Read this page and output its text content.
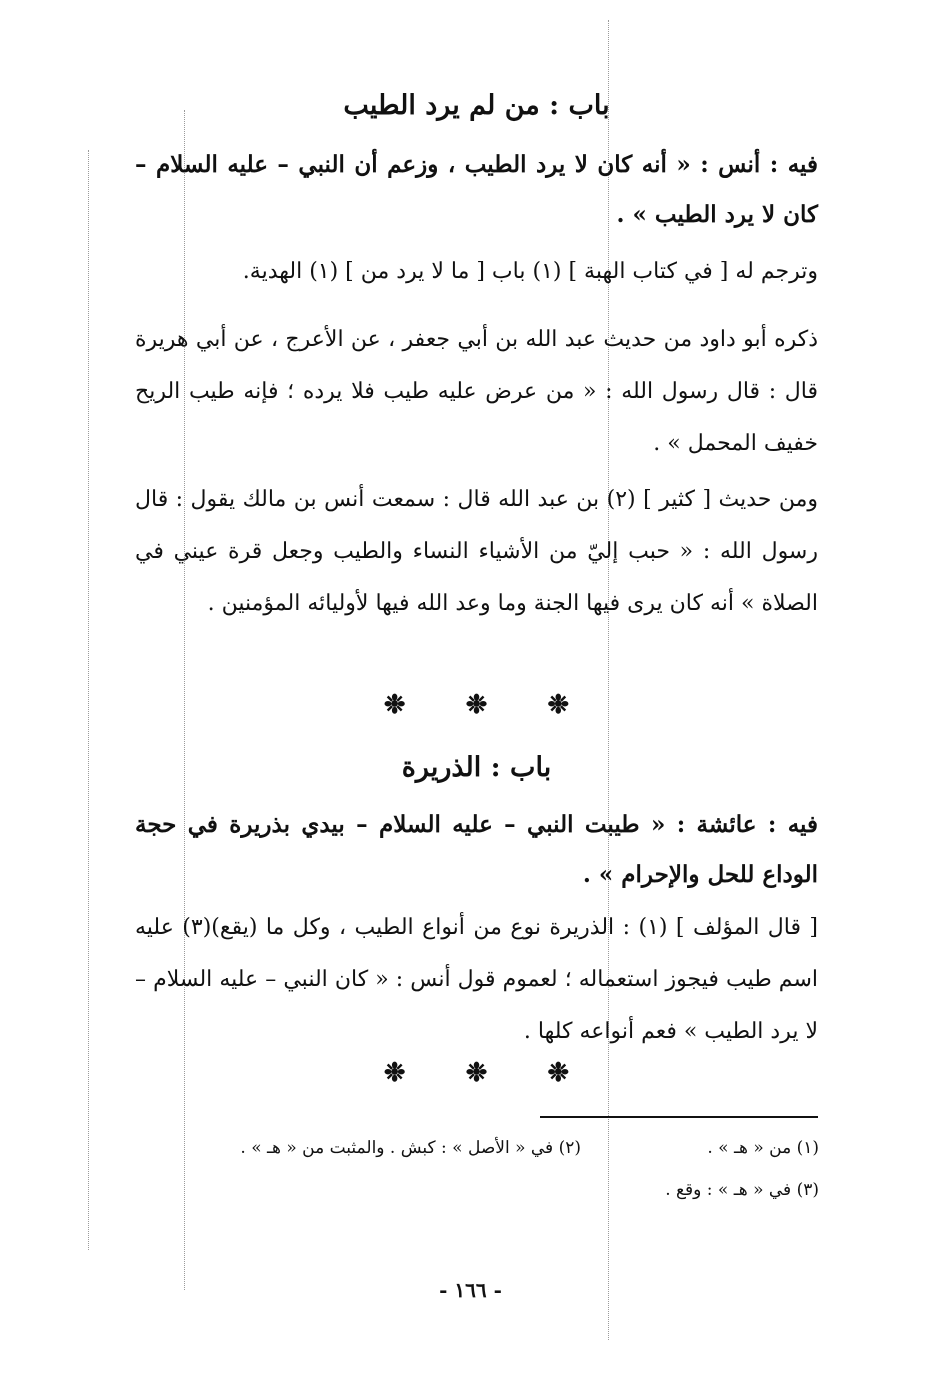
باب : من لم يرد الطيب
فيه : أنس : « أنه كان لا يرد الطيب ، وزعم أن النبي – عليه السلام – كان لا يرد الطيب » .
وترجم له [ في كتاب الهبة ] (١) باب [ ما لا يرد من ] (١) الهدية.
ذكره أبو داود من حديث عبد الله بن أبي جعفر ، عن الأعرج ، عن أبي هريرة قال : قال رسول الله : « من عرض عليه طيب فلا يرده ؛ فإنه طيب الريح خفيف المحمل » .
ومن حديث [ كثير ] (٢) بن عبد الله قال : سمعت أنس بن مالك يقول : قال رسول الله : « حبب إليّ من الأشياء النساء والطيب وجعل قرة عيني في الصلاة » أنه كان يرى فيها الجنة وما وعد الله فيها لأوليائه المؤمنين .
❉ ❉ ❉
باب : الذريرة
فيه : عائشة : « طيبت النبي – عليه السلام – بيدي بذريرة في حجة الوداع للحل والإحرام » .
[ قال المؤلف ] (١) : الذريرة نوع من أنواع الطيب ، وكل ما (يقع)(٣) عليه اسم طيب فيجوز استعماله ؛ لعموم قول أنس : « كان النبي – عليه السلام – لا يرد الطيب » فعم أنواعه كلها .
❉ ❉ ❉
(١) من « هـ » .
(٢) في « الأصل » : كبش . والمثبت من « هـ » .
(٣) في « هـ » : وقع .
- ١٦٦ -
